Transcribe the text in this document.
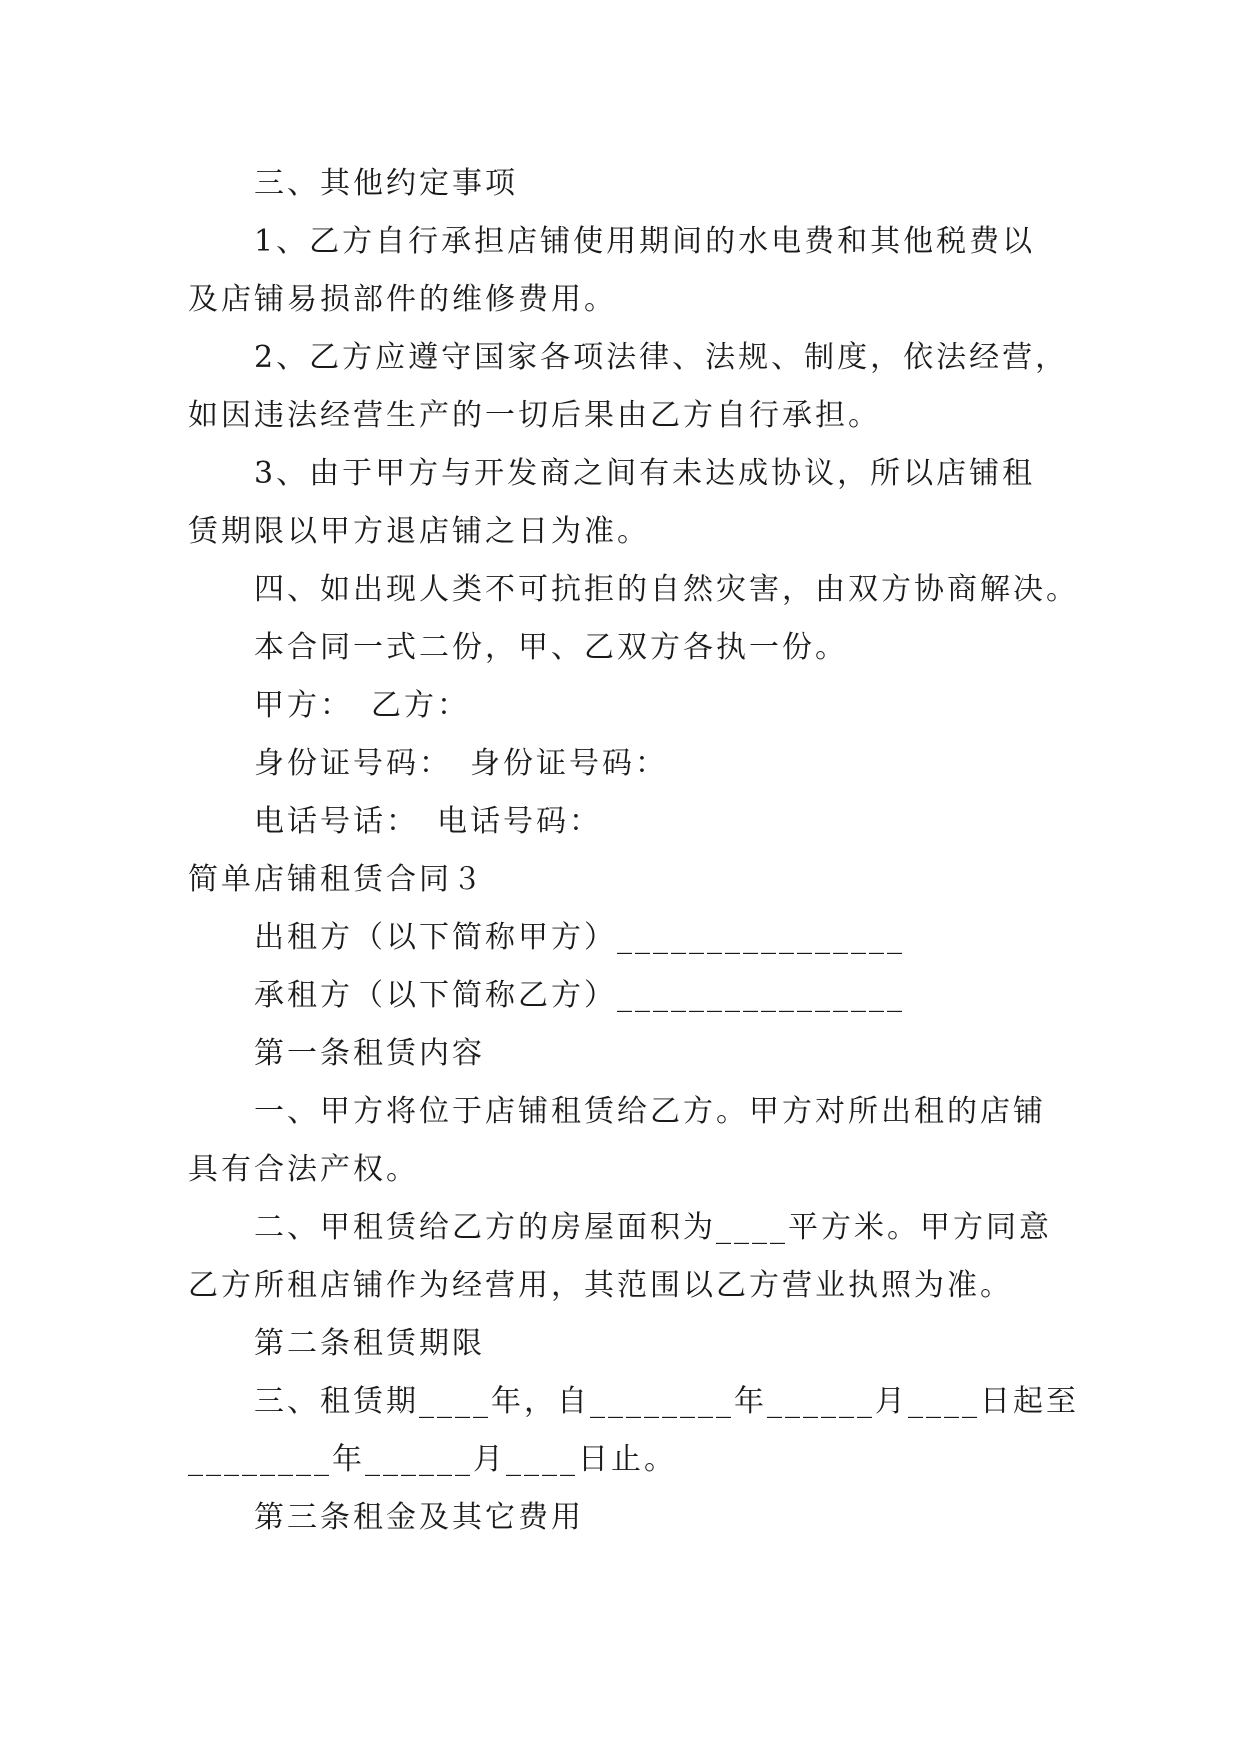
三、其他约定事项
1、乙方自行承担店铺使用期间的水电费和其他税费以
及店铺易损部件的维修费用。
2、乙方应遵守国家各项法律、法规、制度，依法经营，
如因违法经营生产的一切后果由乙方自行承担。
3、由于甲方与开发商之间有未达成协议，所以店铺租
赁期限以甲方退店铺之日为准。
四、如出现人类不可抗拒的自然灾害，由双方协商解决。
本合同一式二份，甲、乙双方各执一份。
甲方：　乙方：
身份证号码：　身份证号码：
电话号话：　电话号码：
简单店铺租赁合同３
出租方（以下简称甲方）________________
承租方（以下简称乙方）________________
第一条租赁内容
一、甲方将位于店铺租赁给乙方。甲方对所出租的店铺
具有合法产权。
二、甲租赁给乙方的房屋面积为____平方米。甲方同意
乙方所租店铺作为经营用，其范围以乙方营业执照为准。
第二条租赁期限
三、租赁期____年，自________年______月____日起至
________年______月____日止。
第三条租金及其它费用
